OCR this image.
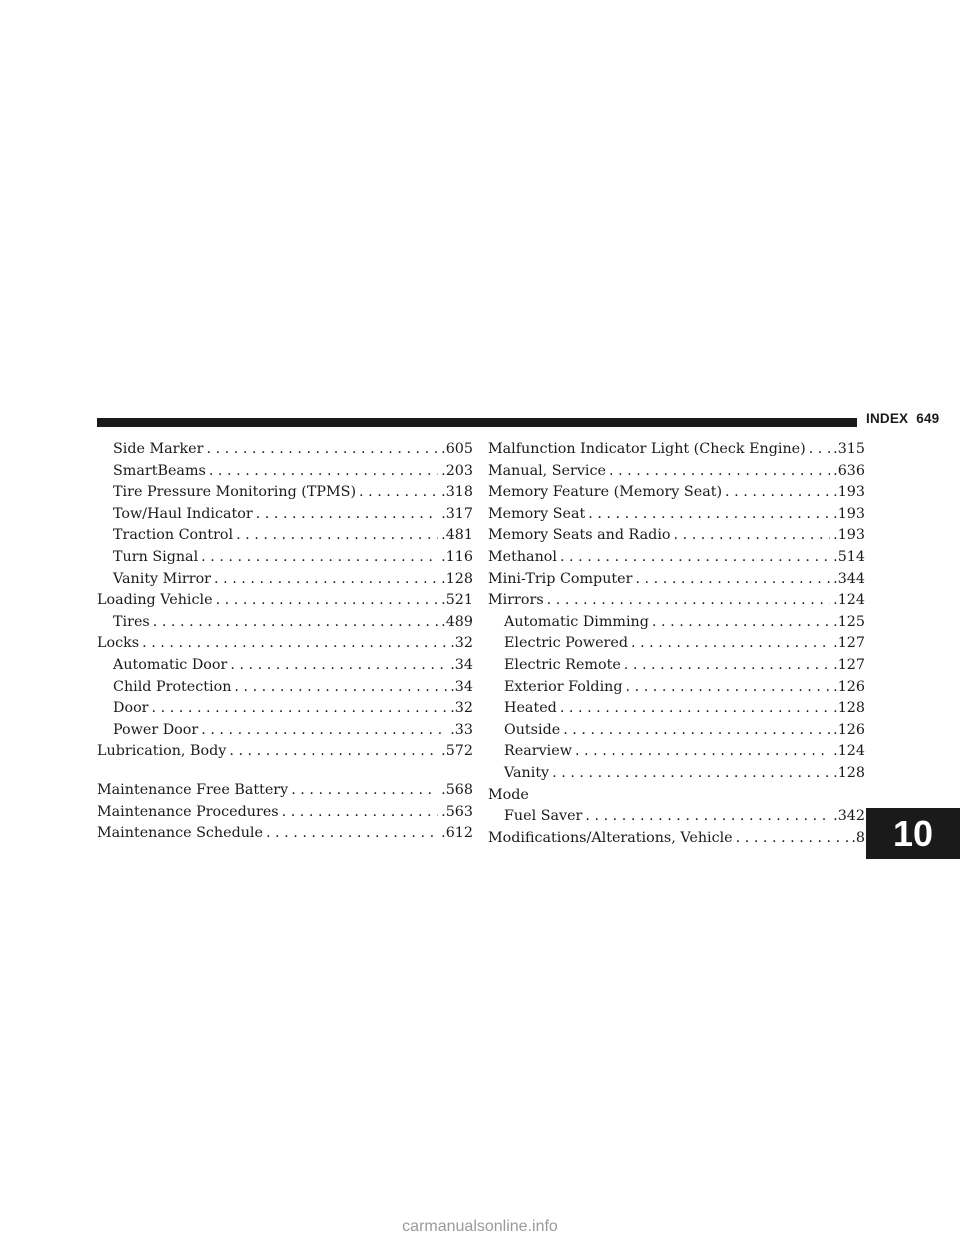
INDEX 649
Side Marker . . .	.605
SmartBeams . . .	.203
Tire Pressure Monitoring (TPMS) . . .	.318
Tow/Haul Indicator . . .	.317
Traction Control . . .	.481
Turn Signal . . .	.116
Vanity Mirror . . .	.128
Loading Vehicle . . .	.521
Tires . . .	.489
Locks . . .	.32
Automatic Door . . .	.34
Child Protection . . .	.34
Door . . .	.32
Power Door . . .	.33
Lubrication, Body . . .	.572
Maintenance Free Battery . . .	.568
Maintenance Procedures . . .	.563
Maintenance Schedule . . .	.612
Malfunction Indicator Light (Check Engine) . . . .315
Manual, Service . . .	.636
Memory Feature (Memory Seat) . . .	.193
Memory Seat . . .	.193
Memory Seats and Radio . . .	.193
Methanol . . .	.514
Mini-Trip Computer . . .	.344
Mirrors . . .	.124
Automatic Dimming . . .	.125
Electric Powered . . .	.127
Electric Remote . . .	.127
Exterior Folding . . .	.126
Heated . . .	.128
Outside . . .	.126
Rearview . . .	.124
Vanity . . .	.128
Mode
Fuel Saver . . .	.342
Modifications/Alterations, Vehicle . . .	.8 10
carmanualsonline.info
